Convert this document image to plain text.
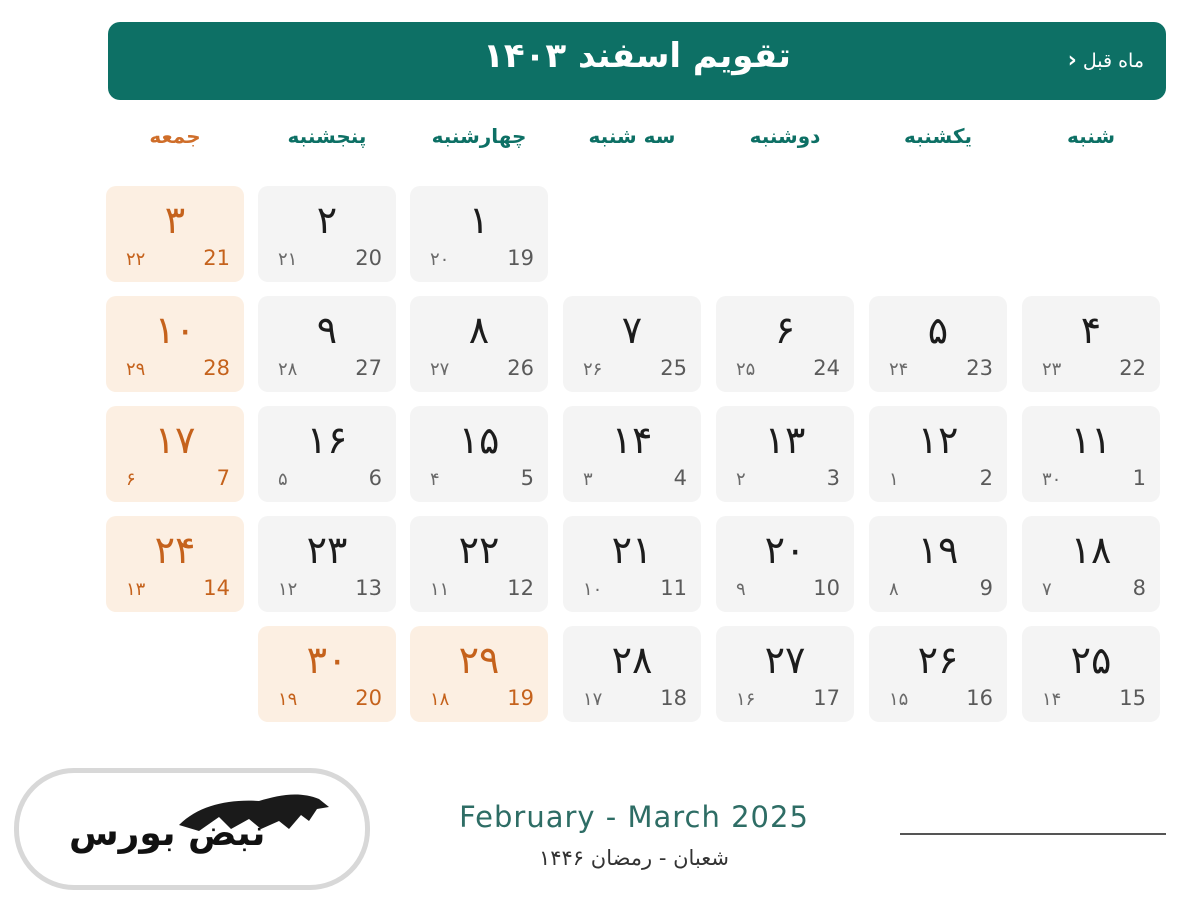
تقویم اسفند ۱۴۰۳	ماه قبل
‹
شنبه
یکشنبه
دوشنبه
سه شنبه
چهارشنبه
پنجشنبه
جمعه
۱
19
۲۰
۲
20
۲۱
۳
21
۲۲
۴
22
۲۳
۵
23
۲۴
۶
24
۲۵
۷
25
۲۶
۸
26
۲۷
۹
27
۲۸
۱۰
28
۲۹
۱۱
1
۳۰
۱۲
2
۱
۱۳
3
۲
۱۴
4
۳
۱۵
5
۴
۱۶
6
۵
۱۷
7
۶
۱۸
8
۷
۱۹
9
۸
۲۰
10
۹
۲۱
11
۱۰
۲۲
12
۱۱
۲۳
13
۱۲
۲۴
14
۱۳
۲۵
15
۱۴
۲۶
16
۱۵
۲۷
17
۱۶
۲۸
18
۱۷
۲۹
19
۱۸
۳۰
20
۱۹
نبض بورس	February - March 2025
شعبان - رمضان ۱۴۴۶
